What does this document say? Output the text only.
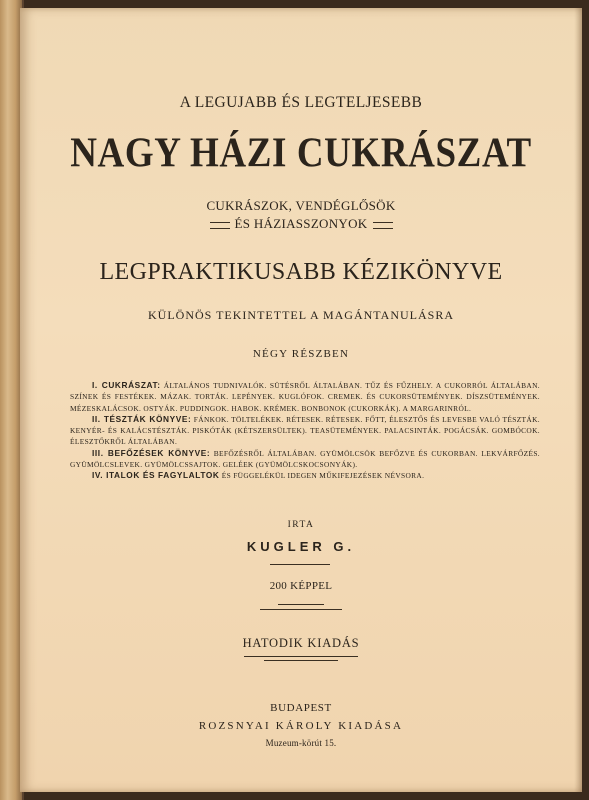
A LEGUJABB ÉS LEGTELJESEBB
NAGY HÁZI CUKRÁSZAT
CUKRÁSZOK, VENDÉGLŐSÖK
ÉS HÁZIASSZONYOK
LEGPRAKTIKUSABB KÉZIKÖNYVE
KÜLÖNÖS TEKINTETTEL A MAGÁNTANULÁSRA
NÉGY RÉSZBEN

I. CUKRÁSZAT: ÁLTALÁNOS TUDNIVALÓK. SÜTÉSRŐL ÁLTALÁBAN. TŰZ ÉS FŰZHELY. A CUKORRÓL ÁLTALÁBAN. SZÍNEK ÉS FESTÉKEK. MÁZAK. TORTÁK. LEPÉNYEK. KUGLÓFOK. CREMEK. ÉS CUKORSÜTEMÉNYEK. DÍSZSÜTEMÉNYEK. MÉZESKALÁCSOK. OSTYÁK. PUDDINGOK. HABOK. KRÉMEK. BONBONOK (CUKORKÁK). A MARGARINRÓL.

II. TÉSZTÁK KÖNYVE: FÁNKOK. TÖLTELÉKEK. RÉTESEK. RÉTESEK. FŐTT, ÉLESZTŐS ÉS LEVESBE VALÓ TÉSZTÁK. KENYÉR- ÉS KALÁCSTÉSZTÁK. PISKÓTÁK (KÉTSZERSÜLTEK). TEASÜTEMÉNYEK. PALACSINTÁK. POGÁCSÁK. GOMBÓCOK. ÉLESZTŐKRŐL ÁLTALÁBAN.

III. BEFŐZÉSEK KÖNYVE: BEFŐZÉSRŐL ÁLTALÁBAN. GYÜMÖLCSÖK BEFŐZVE ÉS CUKORBAN. LEKVÁRFŐZÉS. GYÜMÖLCSLEVEK. GYÜMÖLCSSAJTOK. GELÉEK (GYÜMÖLCSKOCSONYÁK).

IV. ITALOK ÉS FAGYLALTOK ÉS FÜGGELÉKÜL IDEGEN MŰKIFEJEZÉSEK NÉVSORA.

IRTA
KUGLER G.
200 KÉPPEL
HATODIK KIADÁS
BUDAPEST
ROZSNYAI KÁROLY KIADÁSA
Muzeum-körút 15.
